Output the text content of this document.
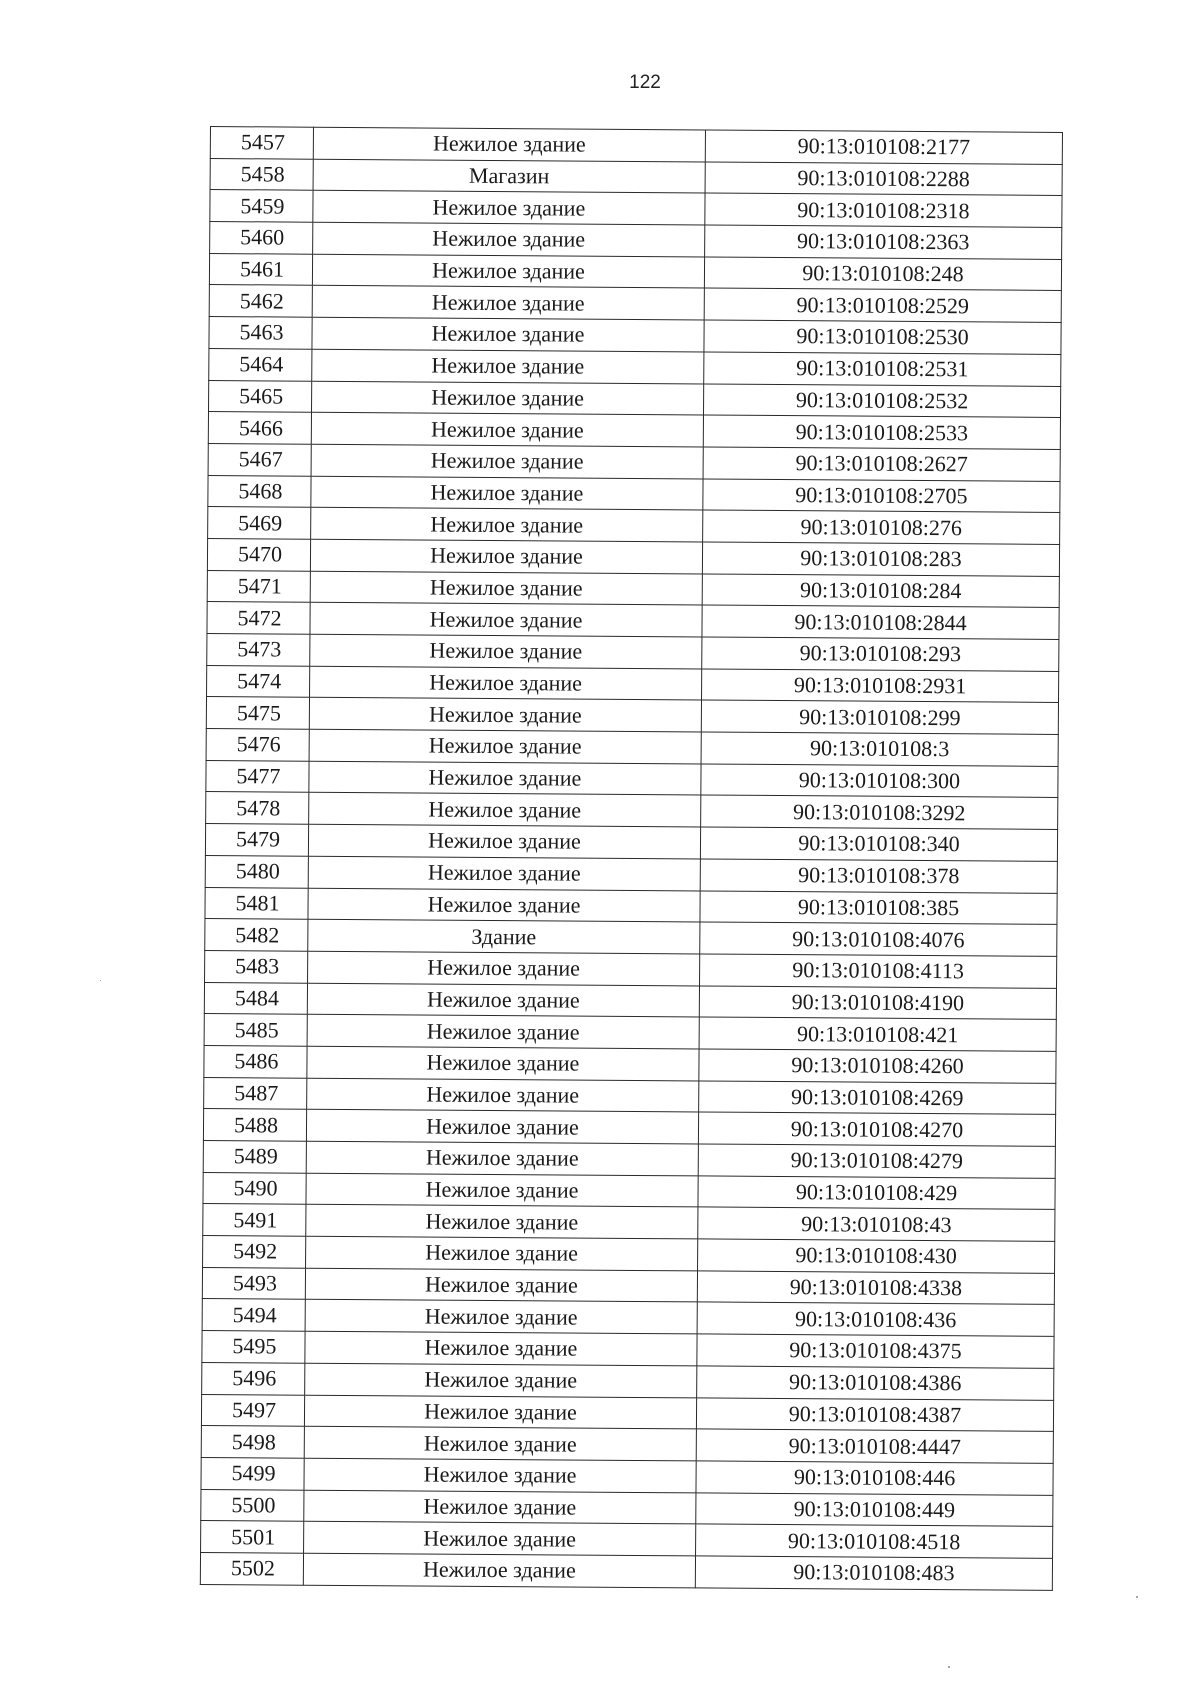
122
5457	Нежилое здание	90:13:010108:2177
5458	Магазин	90:13:010108:2288
5459	Нежилое здание	90:13:010108:2318
5460	Нежилое здание	90:13:010108:2363
5461	Нежилое здание	90:13:010108:248
5462	Нежилое здание	90:13:010108:2529
5463	Нежилое здание	90:13:010108:2530
5464	Нежилое здание	90:13:010108:2531
5465	Нежилое здание	90:13:010108:2532
5466	Нежилое здание	90:13:010108:2533
5467	Нежилое здание	90:13:010108:2627
5468	Нежилое здание	90:13:010108:2705
5469	Нежилое здание	90:13:010108:276
5470	Нежилое здание	90:13:010108:283
5471	Нежилое здание	90:13:010108:284
5472	Нежилое здание	90:13:010108:2844
5473	Нежилое здание	90:13:010108:293
5474	Нежилое здание	90:13:010108:2931
5475	Нежилое здание	90:13:010108:299
5476	Нежилое здание	90:13:010108:3
5477	Нежилое здание	90:13:010108:300
5478	Нежилое здание	90:13:010108:3292
5479	Нежилое здание	90:13:010108:340
5480	Нежилое здание	90:13:010108:378
5481	Нежилое здание	90:13:010108:385
5482	Здание	90:13:010108:4076
5483	Нежилое здание	90:13:010108:4113
5484	Нежилое здание	90:13:010108:4190
5485	Нежилое здание	90:13:010108:421
5486	Нежилое здание	90:13:010108:4260
5487	Нежилое здание	90:13:010108:4269
5488	Нежилое здание	90:13:010108:4270
5489	Нежилое здание	90:13:010108:4279
5490	Нежилое здание	90:13:010108:429
5491	Нежилое здание	90:13:010108:43
5492	Нежилое здание	90:13:010108:430
5493	Нежилое здание	90:13:010108:4338
5494	Нежилое здание	90:13:010108:436
5495	Нежилое здание	90:13:010108:4375
5496	Нежилое здание	90:13:010108:4386
5497	Нежилое здание	90:13:010108:4387
5498	Нежилое здание	90:13:010108:4447
5499	Нежилое здание	90:13:010108:446
5500	Нежилое здание	90:13:010108:449
5501	Нежилое здание	90:13:010108:4518
5502	Нежилое здание	90:13:010108:483
